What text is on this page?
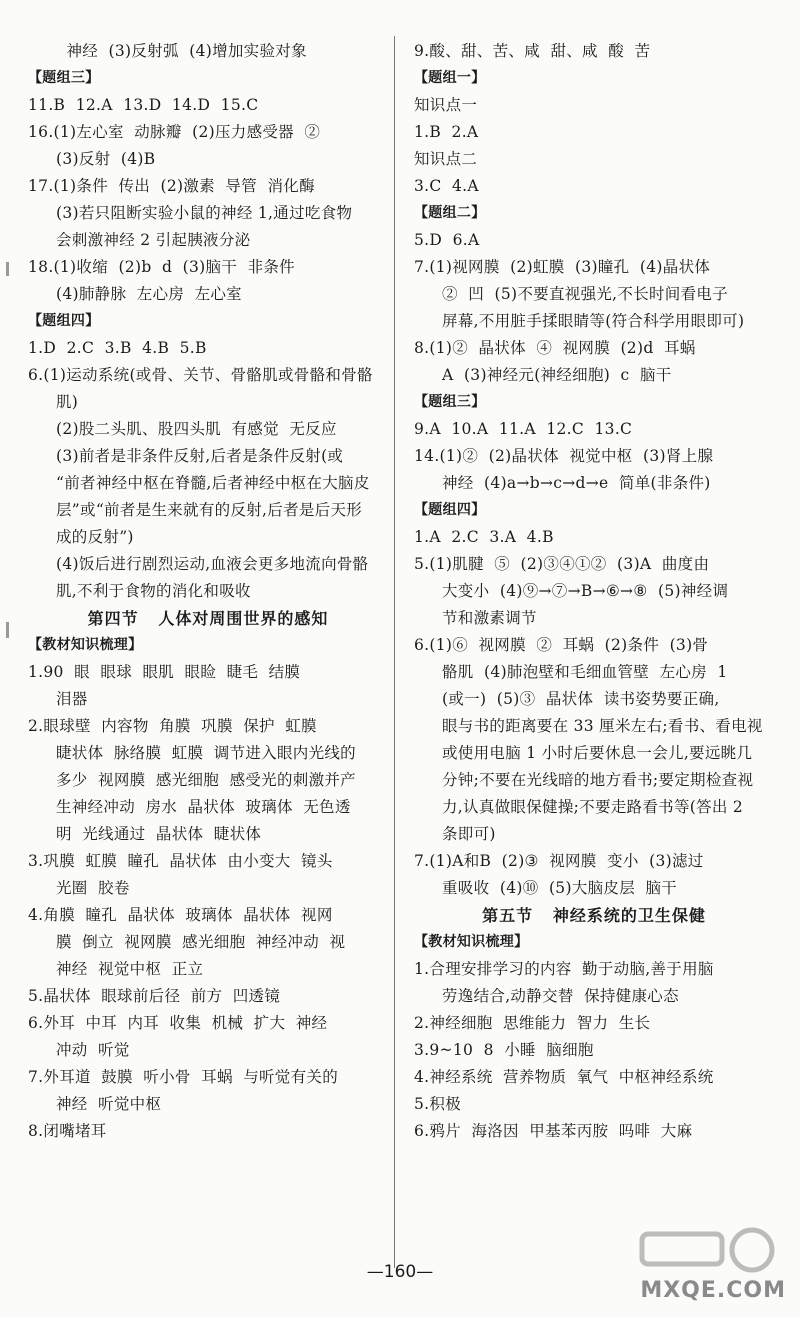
神经  (3)反射弧  (4)增加实验对象
【题组三】
11.B  12.A  13.D  14.D  15.C
16.(1)左心室  动脉瓣  (2)压力感受器  ②
(3)反射  (4)B
17.(1)条件  传出  (2)激素  导管  消化酶
(3)若只阻断实验小鼠的神经 1,通过吃食物
会刺激神经 2 引起胰液分泌
18.(1)收缩  (2)b  d  (3)脑干  非条件
(4)肺静脉  左心房  左心室
【题组四】
1.D  2.C  3.B  4.B  5.B
6.(1)运动系统(或骨、关节、骨骼肌或骨骼和骨骼
肌)
(2)股二头肌、股四头肌  有感觉  无反应
(3)前者是非条件反射,后者是条件反射(或
“前者神经中枢在脊髓,后者神经中枢在大脑皮
层”或“前者是生来就有的反射,后者是后天形
成的反射”)
(4)饭后进行剧烈运动,血液会更多地流向骨骼
肌,不利于食物的消化和吸收
第四节   人体对周围世界的感知
【教材知识梳理】
1.90  眼  眼球  眼肌  眼睑  睫毛  结膜
泪器
2.眼球壁  内容物  角膜  巩膜  保护  虹膜
睫状体  脉络膜  虹膜  调节进入眼内光线的
多少  视网膜  感光细胞  感受光的刺激并产
生神经冲动  房水  晶状体  玻璃体  无色透
明  光线通过  晶状体  睫状体
3.巩膜  虹膜  瞳孔  晶状体  由小变大  镜头
光圈  胶卷
4.角膜  瞳孔  晶状体  玻璃体  晶状体  视网
膜  倒立  视网膜  感光细胞  神经冲动  视
神经  视觉中枢  正立
5.晶状体  眼球前后径  前方  凹透镜
6.外耳  中耳  内耳  收集  机械  扩大  神经
冲动  听觉
7.外耳道  鼓膜  听小骨  耳蜗  与听觉有关的
神经  听觉中枢
8.闭嘴堵耳
9.酸、甜、苦、咸  甜、咸  酸  苦
【题组一】
知识点一
1.B  2.A
知识点二
3.C  4.A
【题组二】
5.D  6.A
7.(1)视网膜  (2)虹膜  (3)瞳孔  (4)晶状体
②  凹  (5)不要直视强光,不长时间看电子
屏幕,不用脏手揉眼睛等(符合科学用眼即可)
8.(1)②  晶状体  ④  视网膜  (2)d  耳蜗
A  (3)神经元(神经细胞)  c  脑干
【题组三】
9.A  10.A  11.A  12.C  13.C
14.(1)②  (2)晶状体  视觉中枢  (3)肾上腺
神经  (4)a→b→c→d→e  简单(非条件)
【题组四】
1.A  2.C  3.A  4.B
5.(1)肌腱  ⑤  (2)③④①②  (3)A  曲度由
大变小  (4)⑨→⑦→B→⑥→⑧  (5)神经调
节和激素调节
6.(1)⑥  视网膜  ②  耳蜗  (2)条件  (3)骨
骼肌  (4)肺泡壁和毛细血管壁  左心房  1
(或一)  (5)③  晶状体  读书姿势要正确,
眼与书的距离要在 33 厘米左右;看书、看电视
或使用电脑 1 小时后要休息一会儿,要远眺几
分钟;不要在光线暗的地方看书;要定期检查视
力,认真做眼保健操;不要走路看书等(答出 2
条即可)
7.(1)A和B  (2)③  视网膜  变小  (3)滤过
重吸收  (4)⑩  (5)大脑皮层  脑干
第五节   神经系统的卫生保健
【教材知识梳理】
1.合理安排学习的内容  勤于动脑,善于用脑
劳逸结合,动静交替  保持健康心态
2.神经细胞  思维能力  智力  生长
3.9~10  8  小睡  脑细胞
4.神经系统  营养物质  氧气  中枢神经系统
5.积极
6.鸦片  海洛因  甲基苯丙胺  吗啡  大麻
—160—
MXQE.COM
